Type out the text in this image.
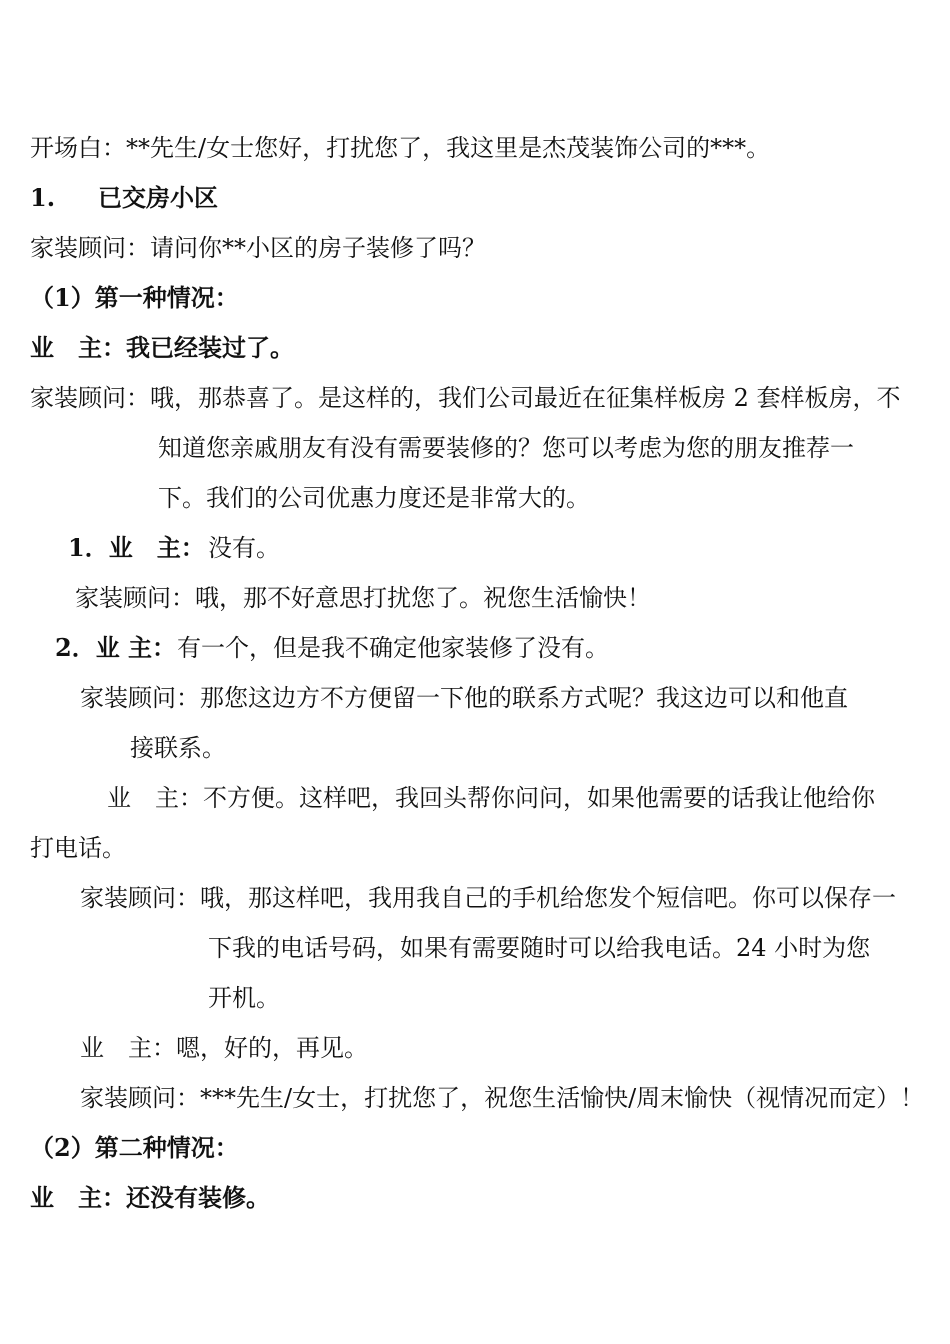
开场白：**先生/女士您好，打扰您了，我这里是杰茂装饰公司的***。
1. 已交房小区
家装顾问：请问你**小区的房子装修了吗？
（1）第一种情况：
业　主：我已经装过了。
家装顾问：哦，那恭喜了。是这样的，我们公司最近在征集样板房 2 套样板房，不
知道您亲戚朋友有没有需要装修的？您可以考虑为您的朋友推荐一
下。我们的公司优惠力度还是非常大的。
1．业　主： 没有。
家装顾问：哦，那不好意思打扰您了。祝您生活愉快！
2．业 主： 有一个，但是我不确定他家装修了没有。
家装顾问：那您这边方不方便留一下他的联系方式呢？我这边可以和他直
接联系。
业　主：不方便。这样吧，我回头帮你问问，如果他需要的话我让他给你
打电话。
家装顾问：哦，那这样吧，我用我自己的手机给您发个短信吧。你可以保存一
下我的电话号码，如果有需要随时可以给我电话。24 小时为您
开机。
业　主：嗯，好的，再见。
家装顾问：***先生/女士，打扰您了，祝您生活愉快/周末愉快（视情况而定）！
（2）第二种情况：
业　主：还没有装修。
